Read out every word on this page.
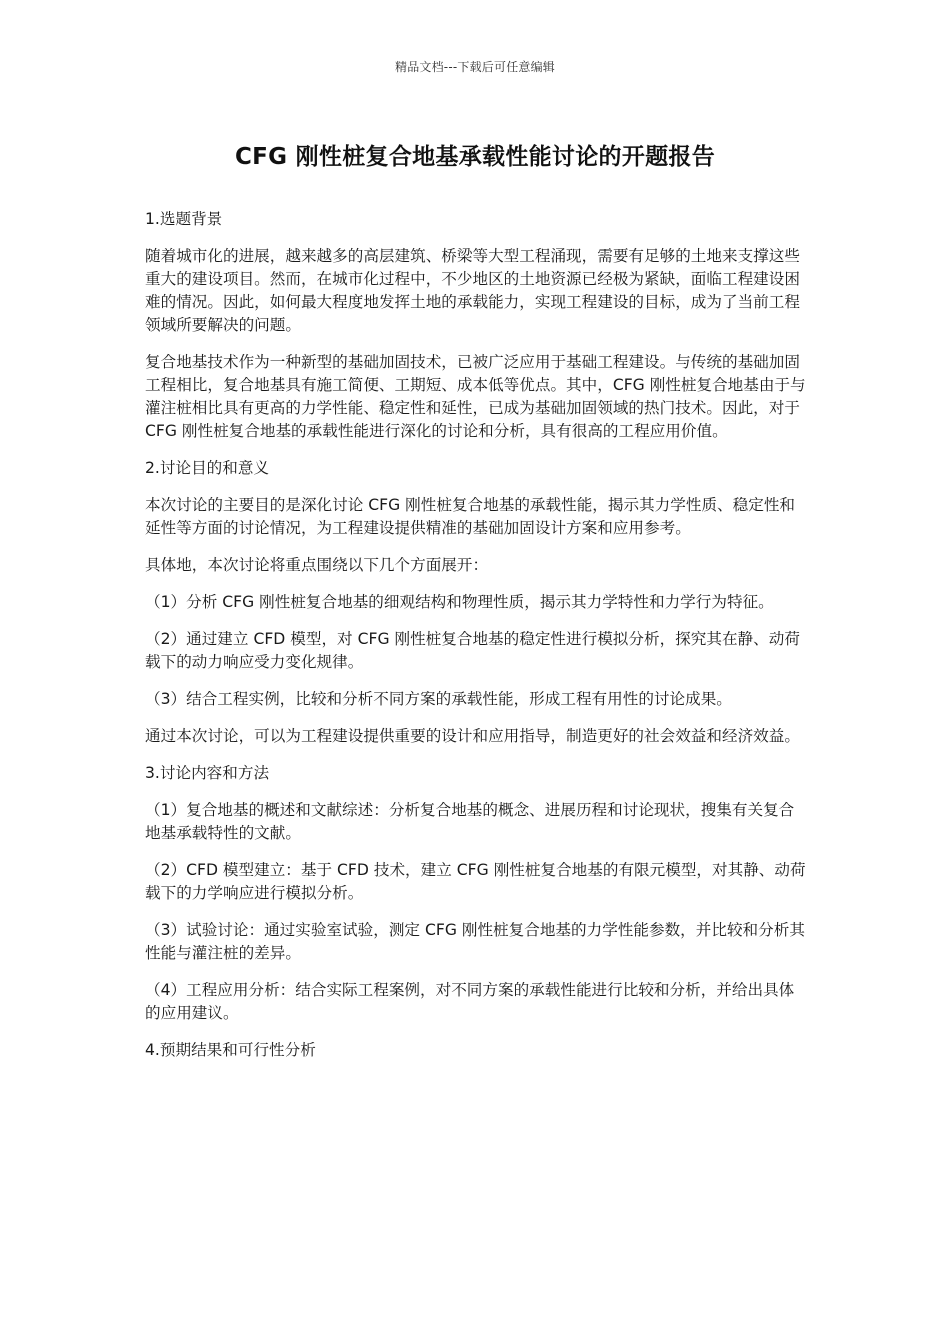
精品文档---下载后可任意编辑
CFG 刚性桩复合地基承载性能讨论的开题报告

1.选题背景

随着城市化的进展，越来越多的高层建筑、桥梁等大型工程涌现，需要有足够的土地来支撑这些重大的建设项目。然而，在城市化过程中，不少地区的土地资源已经极为紧缺，面临工程建设困难的情况。因此，如何最大程度地发挥土地的承载能力，实现工程建设的目标，成为了当前工程领域所要解决的问题。

复合地基技术作为一种新型的基础加固技术，已被广泛应用于基础工程建设。与传统的基础加固工程相比，复合地基具有施工简便、工期短、成本低等优点。其中，CFG 刚性桩复合地基由于与灌注桩相比具有更高的力学性能、稳定性和延性，已成为基础加固领域的热门技术。因此，对于 CFG 刚性桩复合地基的承载性能进行深化的讨论和分析，具有很高的工程应用价值。

2.讨论目的和意义

本次讨论的主要目的是深化讨论 CFG 刚性桩复合地基的承载性能，揭示其力学性质、稳定性和延性等方面的讨论情况，为工程建设提供精准的基础加固设计方案和应用参考。

具体地，本次讨论将重点围绕以下几个方面展开：

（1）分析 CFG 刚性桩复合地基的细观结构和物理性质，揭示其力学特性和力学行为特征。

（2）通过建立 CFD 模型，对 CFG 刚性桩复合地基的稳定性进行模拟分析，探究其在静、动荷载下的动力响应受力变化规律。

（3）结合工程实例，比较和分析不同方案的承载性能，形成工程有用性的讨论成果。

通过本次讨论，可以为工程建设提供重要的设计和应用指导，制造更好的社会效益和经济效益。

3.讨论内容和方法

（1）复合地基的概述和文献综述：分析复合地基的概念、进展历程和讨论现状，搜集有关复合地基承载特性的文献。

（2）CFD 模型建立：基于 CFD 技术，建立 CFG 刚性桩复合地基的有限元模型，对其静、动荷载下的力学响应进行模拟分析。

（3）试验讨论：通过实验室试验，测定 CFG 刚性桩复合地基的力学性能参数，并比较和分析其性能与灌注桩的差异。

（4）工程应用分析：结合实际工程案例，对不同方案的承载性能进行比较和分析，并给出具体的应用建议。

4.预期结果和可行性分析
